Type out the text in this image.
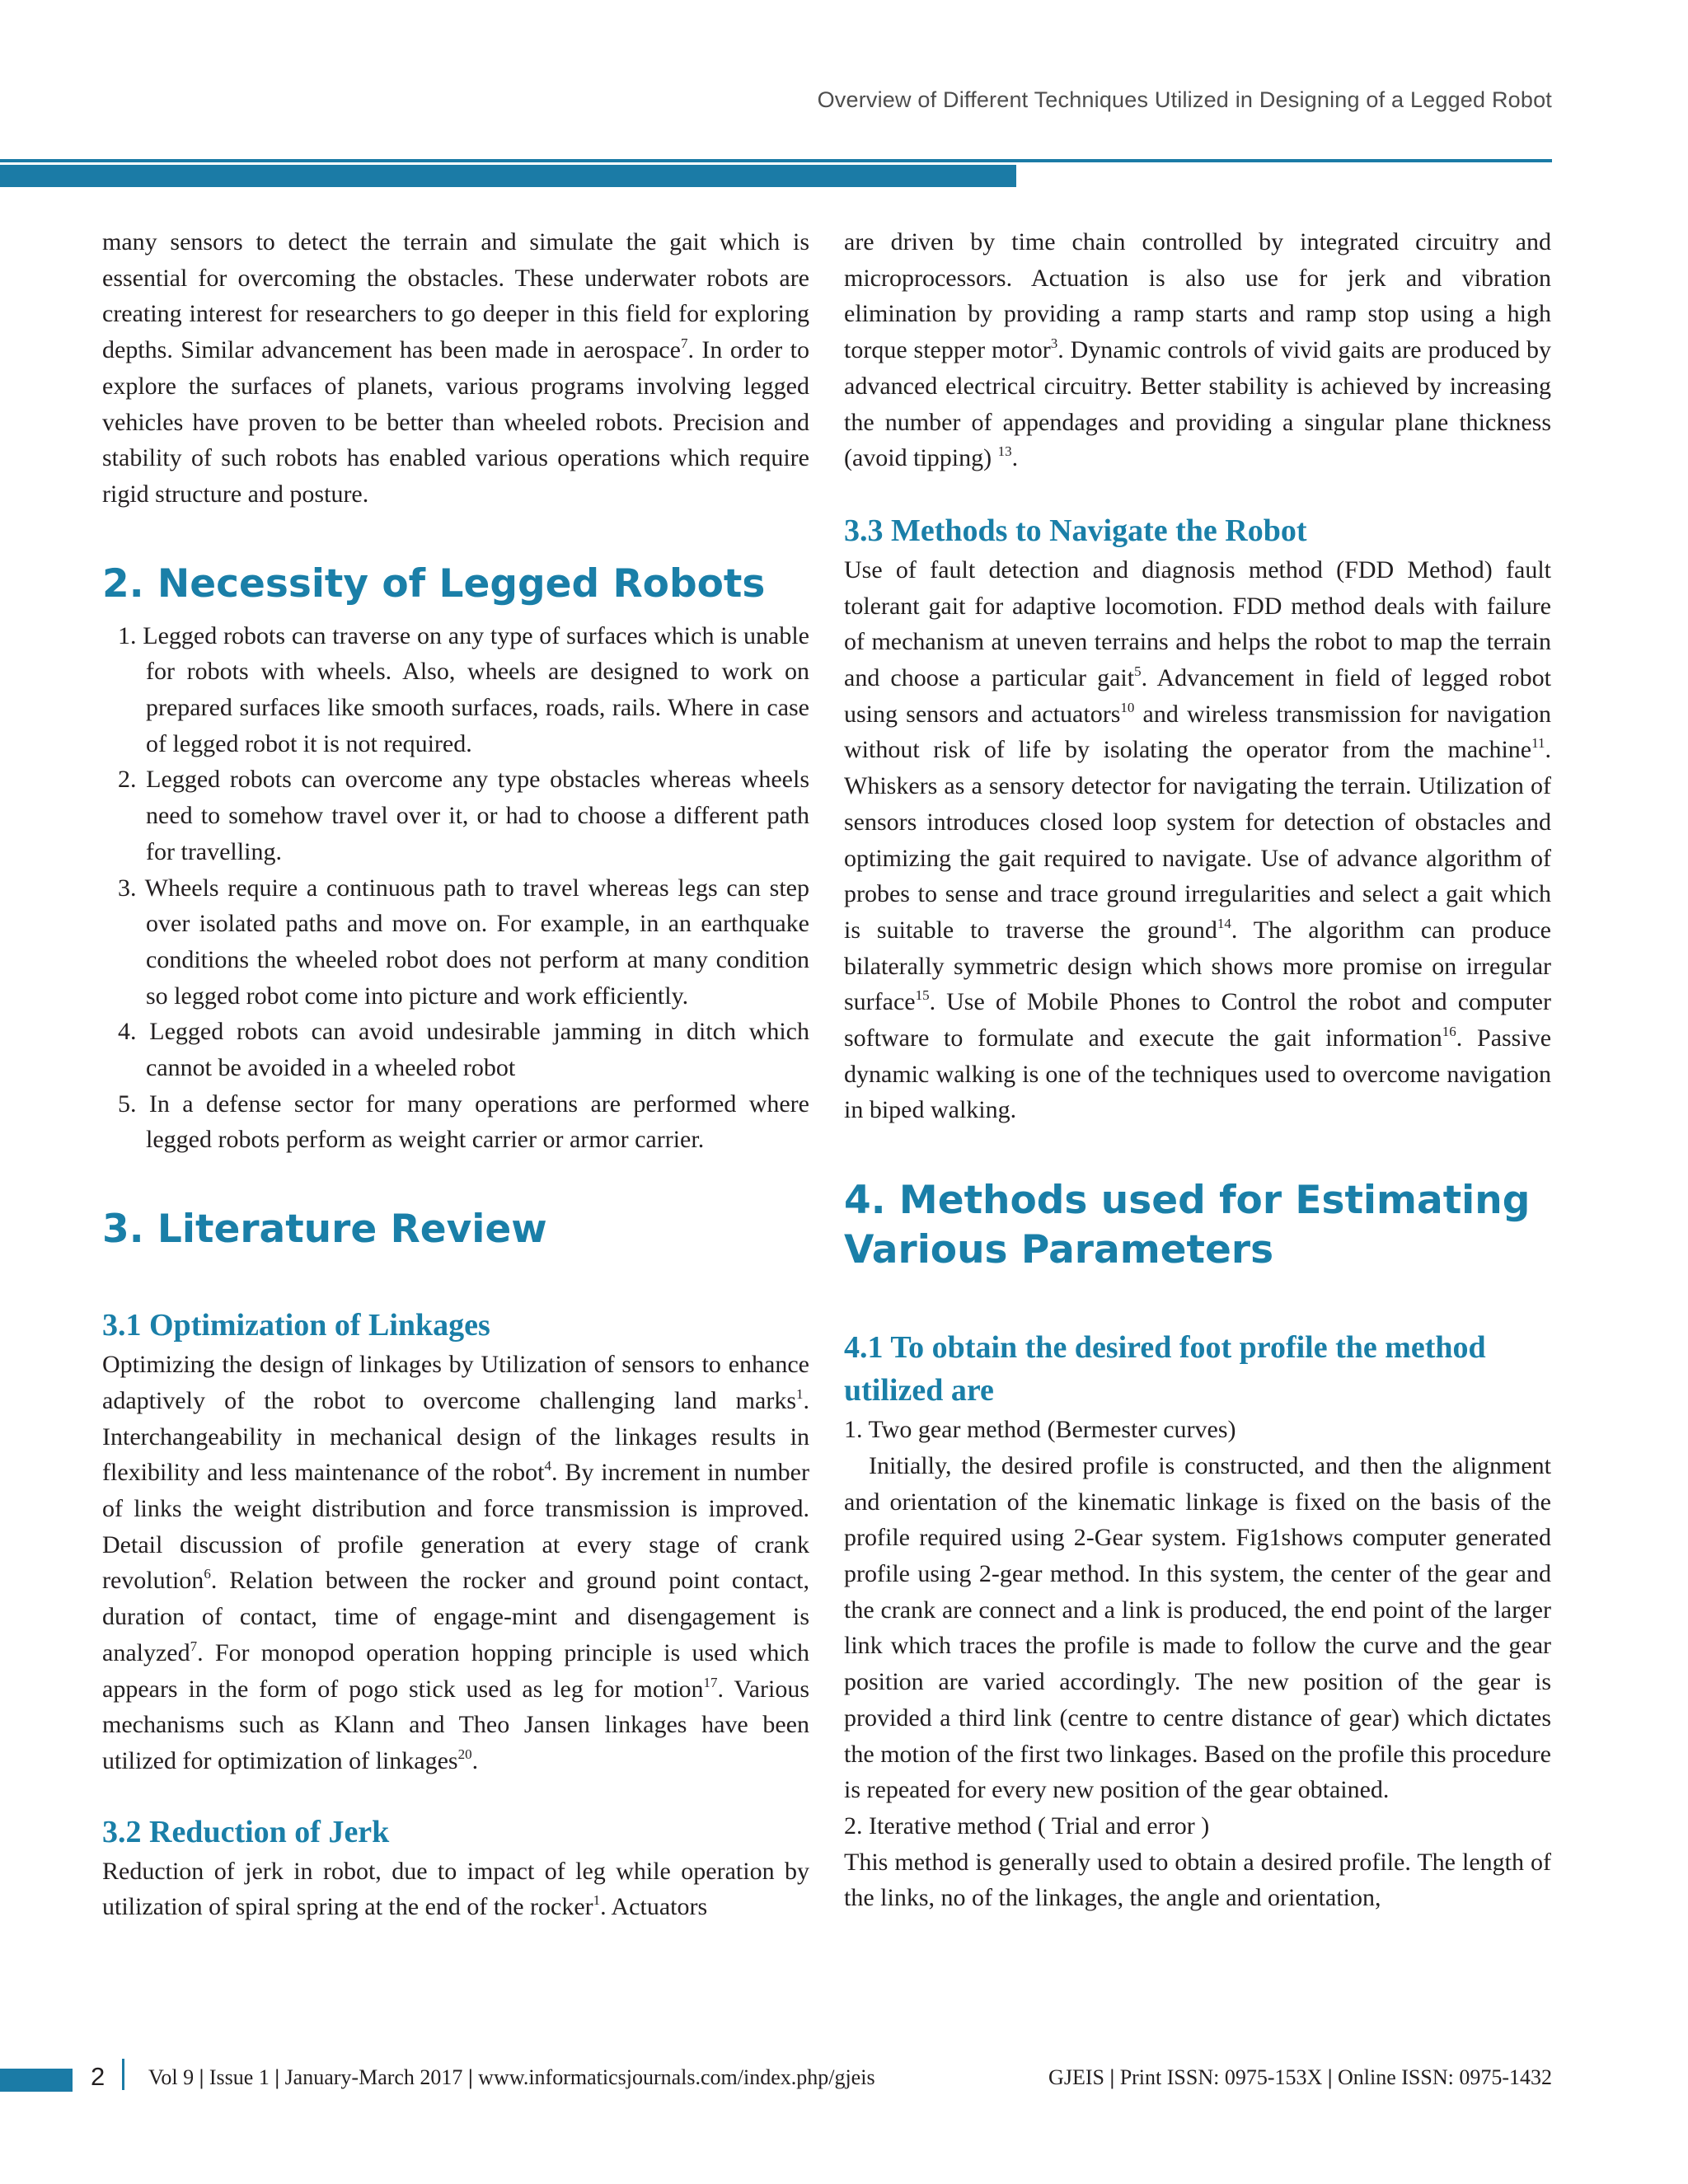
Overview of Different Techniques Utilized in Designing of a Legged Robot

many sensors to detect the terrain and simulate the gait which is essential for overcoming the obstacles. These underwater robots are creating interest for researchers to go deeper in this field for exploring depths. Similar advancement has been made in aerospace$^7$. In order to explore the surfaces of planets, various programs involving legged vehicles have proven to be better than wheeled robots. Precision and stability of such robots has enabled various operations which require rigid structure and posture.

2. Necessity of Legged Robots
1. Legged robots can traverse on any type of surfaces which is unable for robots with wheels. Also, wheels are designed to work on prepared surfaces like smooth surfaces, roads, rails. Where in case of legged robot it is not required.
2. Legged robots can overcome any type obstacles whereas wheels need to somehow travel over it, or had to choose a different path for travelling.
3. Wheels require a continuous path to travel whereas legs can step over isolated paths and move on. For example, in an earthquake conditions the wheeled robot does not perform at many condition so legged robot come into picture and work efficiently.
4. Legged robots can avoid undesirable jamming in ditch which cannot be avoided in a wheeled robot
5. In a defense sector for many operations are performed where legged robots perform as weight carrier or armor carrier.
3. Literature Review
3.1 Optimization of Linkages

Optimizing the design of linkages by Utilization of sensors to enhance adaptively of the robot to overcome challenging land marks$^1$. Interchangeability in mechanical design of the linkages results in flexibility and less maintenance of the robot$^4$. By increment in number of links the weight distribution and force transmission is improved. Detail discussion of profile generation at every stage of crank revolution$^6$. Relation between the rocker and ground point contact, duration of contact, time of engage-mint and disengagement is analyzed$^7$. For monopod operation hopping principle is used which appears in the form of pogo stick used as leg for motion$^{17}$. Various mechanisms such as Klann and Theo Jansen linkages have been utilized for optimization of linkages$^{20}$.

3.2 Reduction of Jerk

Reduction of jerk in robot, due to impact of leg while operation by utilization of spiral spring at the end of the rocker$^1$. Actuators

are driven by time chain controlled by integrated circuitry and microprocessors. Actuation is also use for jerk and vibration elimination by providing a ramp starts and ramp stop using a high torque stepper motor$^3$. Dynamic controls of vivid gaits are produced by advanced electrical circuitry. Better stability is achieved by increasing the number of appendages and providing a singular plane thickness (avoid tipping) $^{13}$.

3.3 Methods to Navigate the Robot

Use of fault detection and diagnosis method (FDD Method) fault tolerant gait for adaptive locomotion. FDD method deals with failure of mechanism at uneven terrains and helps the robot to map the terrain and choose a particular gait$^5$. Advancement in field of legged robot using sensors and actuators$^{10}$ and wireless transmission for navigation without risk of life by isolating the operator from the machine$^{11}$. Whiskers as a sensory detector for navigating the terrain. Utilization of sensors introduces closed loop system for detection of obstacles and optimizing the gait required to navigate. Use of advance algorithm of probes to sense and trace ground irregularities and select a gait which is suitable to traverse the ground$^{14}$. The algorithm can produce bilaterally symmetric design which shows more promise on irregular surface$^{15}$. Use of Mobile Phones to Control the robot and computer software to formulate and execute the gait information$^{16}$. Passive dynamic walking is one of the techniques used to overcome navigation in biped walking.

4. Methods used for Estimating Various Parameters
4.1 To obtain the desired foot profile the method utilized are

1. Two gear method (Bermester curves)

Initially, the desired profile is constructed, and then the alignment and orientation of the kinematic linkage is fixed on the basis of the profile required using 2-Gear system. Fig1shows computer generated profile using 2-gear method. In this system, the center of the gear and the crank are connect and a link is produced, the end point of the larger link which traces the profile is made to follow the curve and the gear position are varied accordingly. The new position of the gear is provided a third link (centre to centre distance of gear) which dictates the motion of the first two linkages. Based on the profile this procedure is repeated for every new position of the gear obtained.

2. Iterative method ( Trial and error )

This method is generally used to obtain a desired profile. The length of the links, no of the linkages, the angle and orientation,

2 Vol 9 | Issue 1 | January-March 2017 | www.informaticsjournals.com/index.php/gjeis	GJEIS | Print ISSN: 0975-153X | Online ISSN: 0975-1432
